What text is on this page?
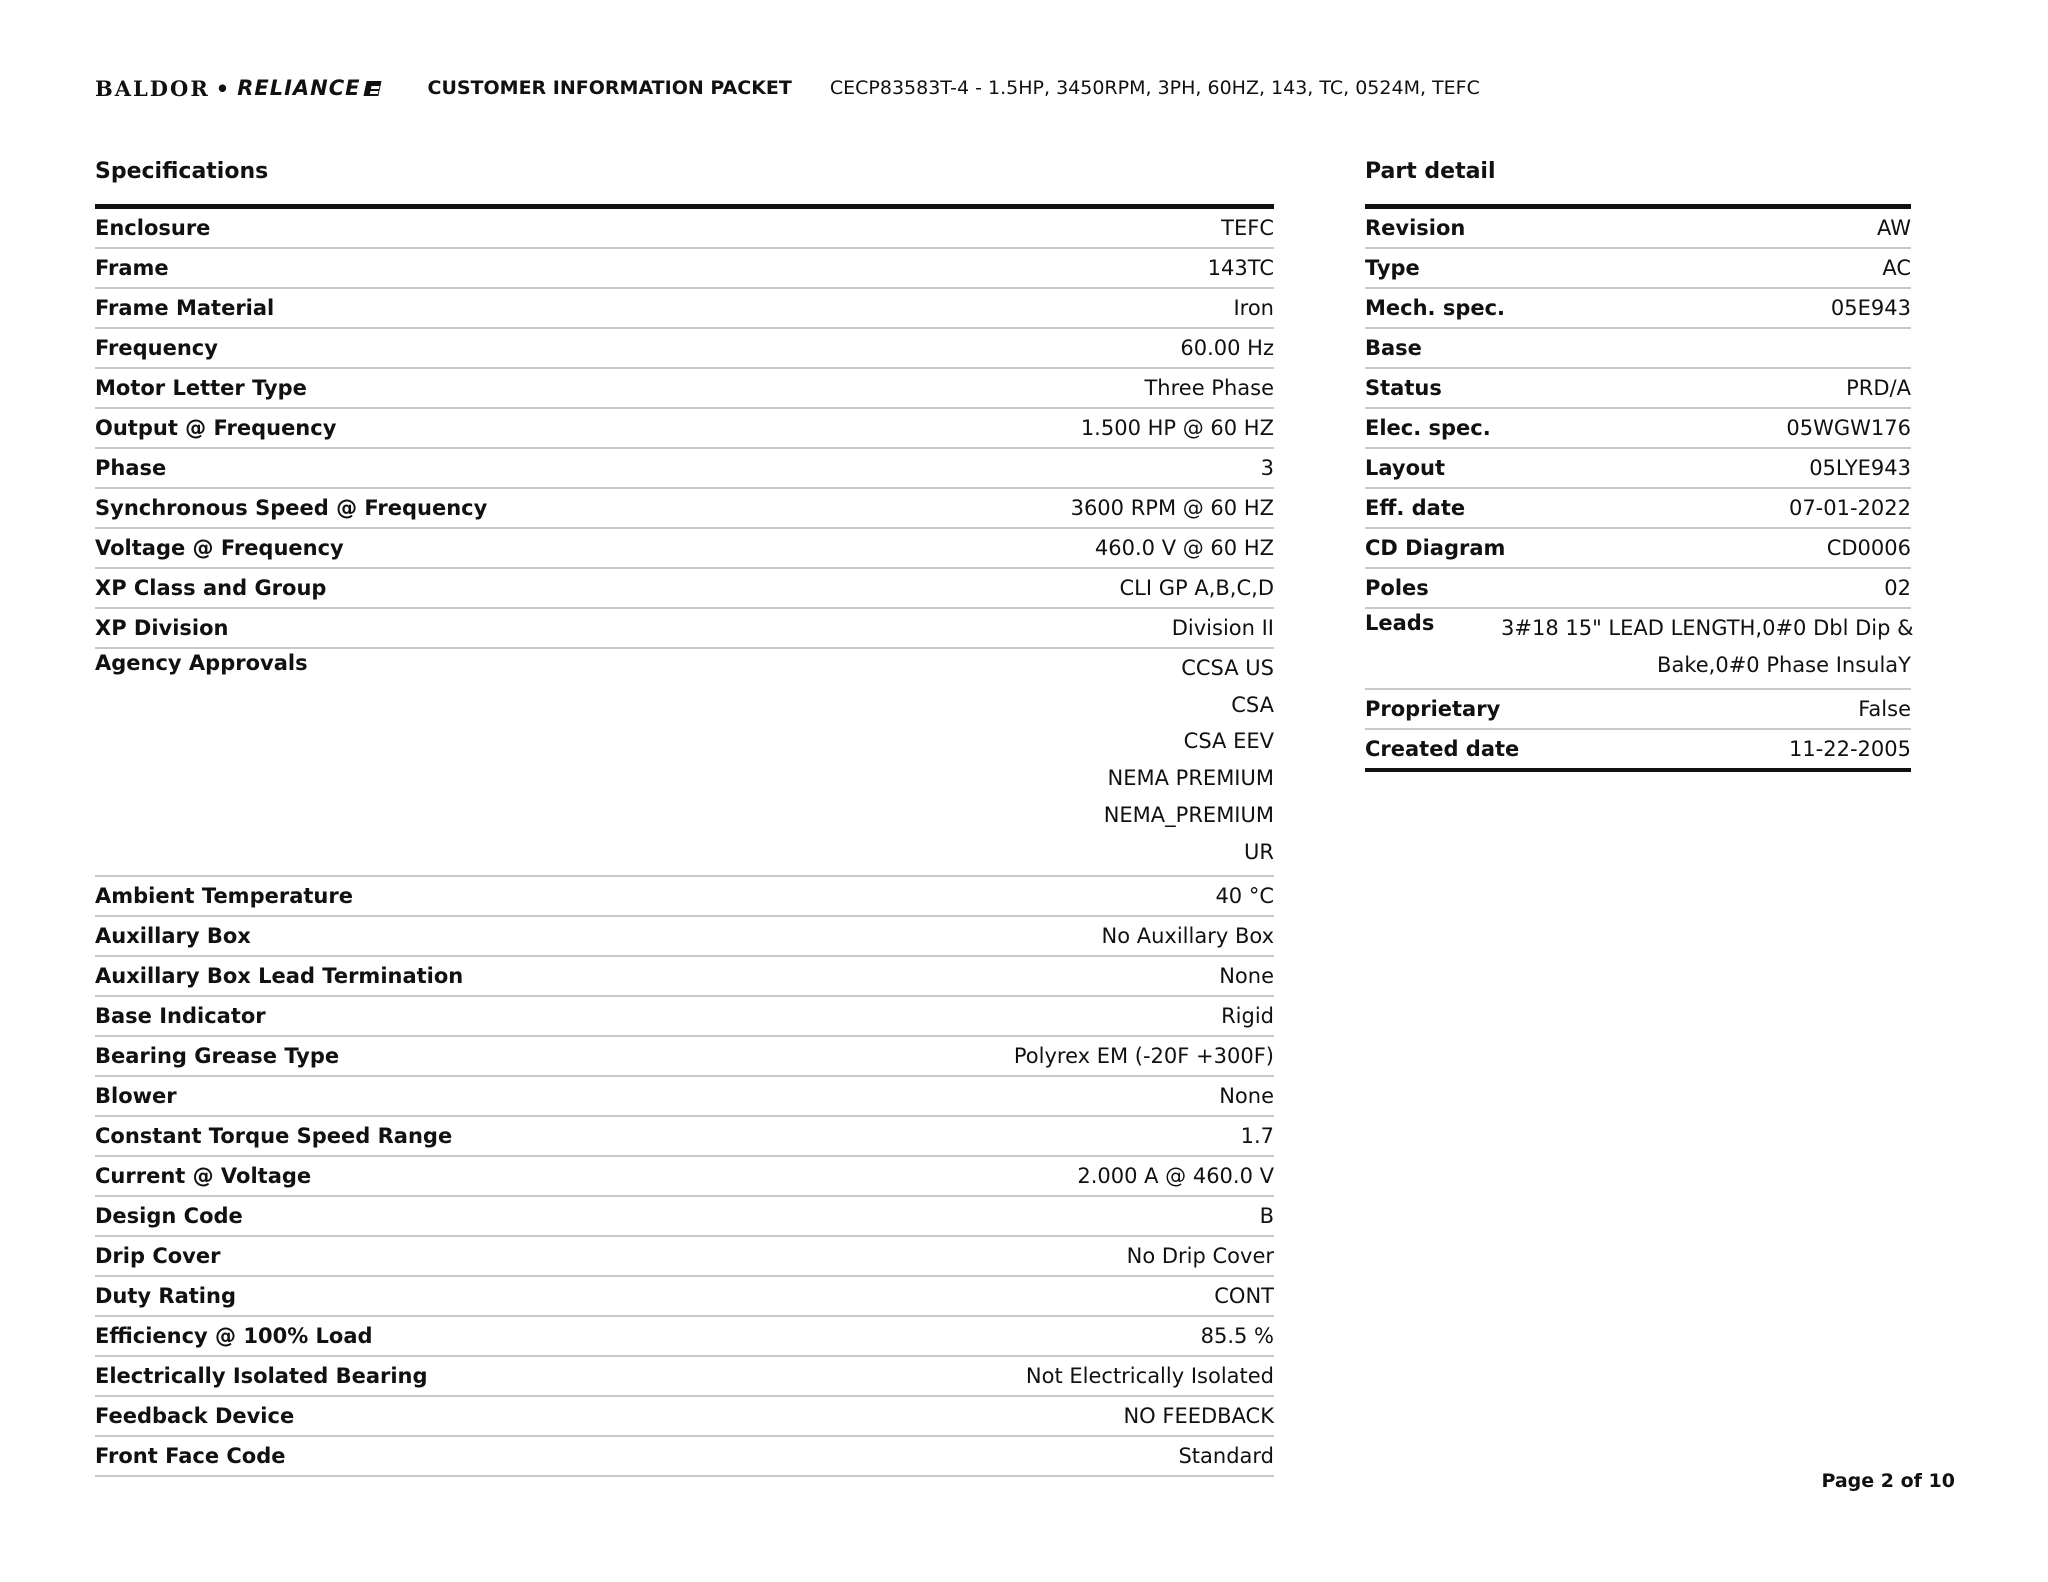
BALDOR • RELIANCE	CUSTOMER INFORMATION PACKET CECP83583T-4 - 1.5HP, 3450RPM, 3PH, 60HZ, 143, TC, 0524M, TEFC
Specifications
Enclosure	TEFC
Frame	143TC
Frame Material	Iron
Frequency	60.00 Hz
Motor Letter Type	Three Phase
Output @ Frequency	1.500 HP @ 60 HZ
Phase	3
Synchronous Speed @ Frequency	3600 RPM @ 60 HZ
Voltage @ Frequency	460.0 V @ 60 HZ
XP Class and Group	CLI GP A,B,C,D
XP Division	Division II
Agency Approvals	CCSA US
CSA
CSA EEV
NEMA PREMIUM
NEMA_PREMIUM
UR
Ambient Temperature	40 °C
Auxillary Box	No Auxillary Box
Auxillary Box Lead Termination	None
Base Indicator	Rigid
Bearing Grease Type	Polyrex EM (-20F +300F)
Blower	None
Constant Torque Speed Range	1.7
Current @ Voltage	2.000 A @ 460.0 V
Design Code	B
Drip Cover	No Drip Cover
Duty Rating	CONT
Efficiency @ 100% Load	85.5 %
Electrically Isolated Bearing	Not Electrically Isolated
Feedback Device	NO FEEDBACK
Front Face Code	Standard
Part detail
Revision	AW
Type	AC
Mech. spec.	05E943
Base
Status	PRD/A
Elec. spec.	05WGW176
Layout	05LYE943
Eff. date	07-01-2022
CD Diagram	CD0006
Poles	02
Leads	3#18 15" LEAD LENGTH,0#0 Dbl Dip &
Bake,0#0 Phase InsulaY
Proprietary	False
Created date	11-22-2005
Page 2 of 10
